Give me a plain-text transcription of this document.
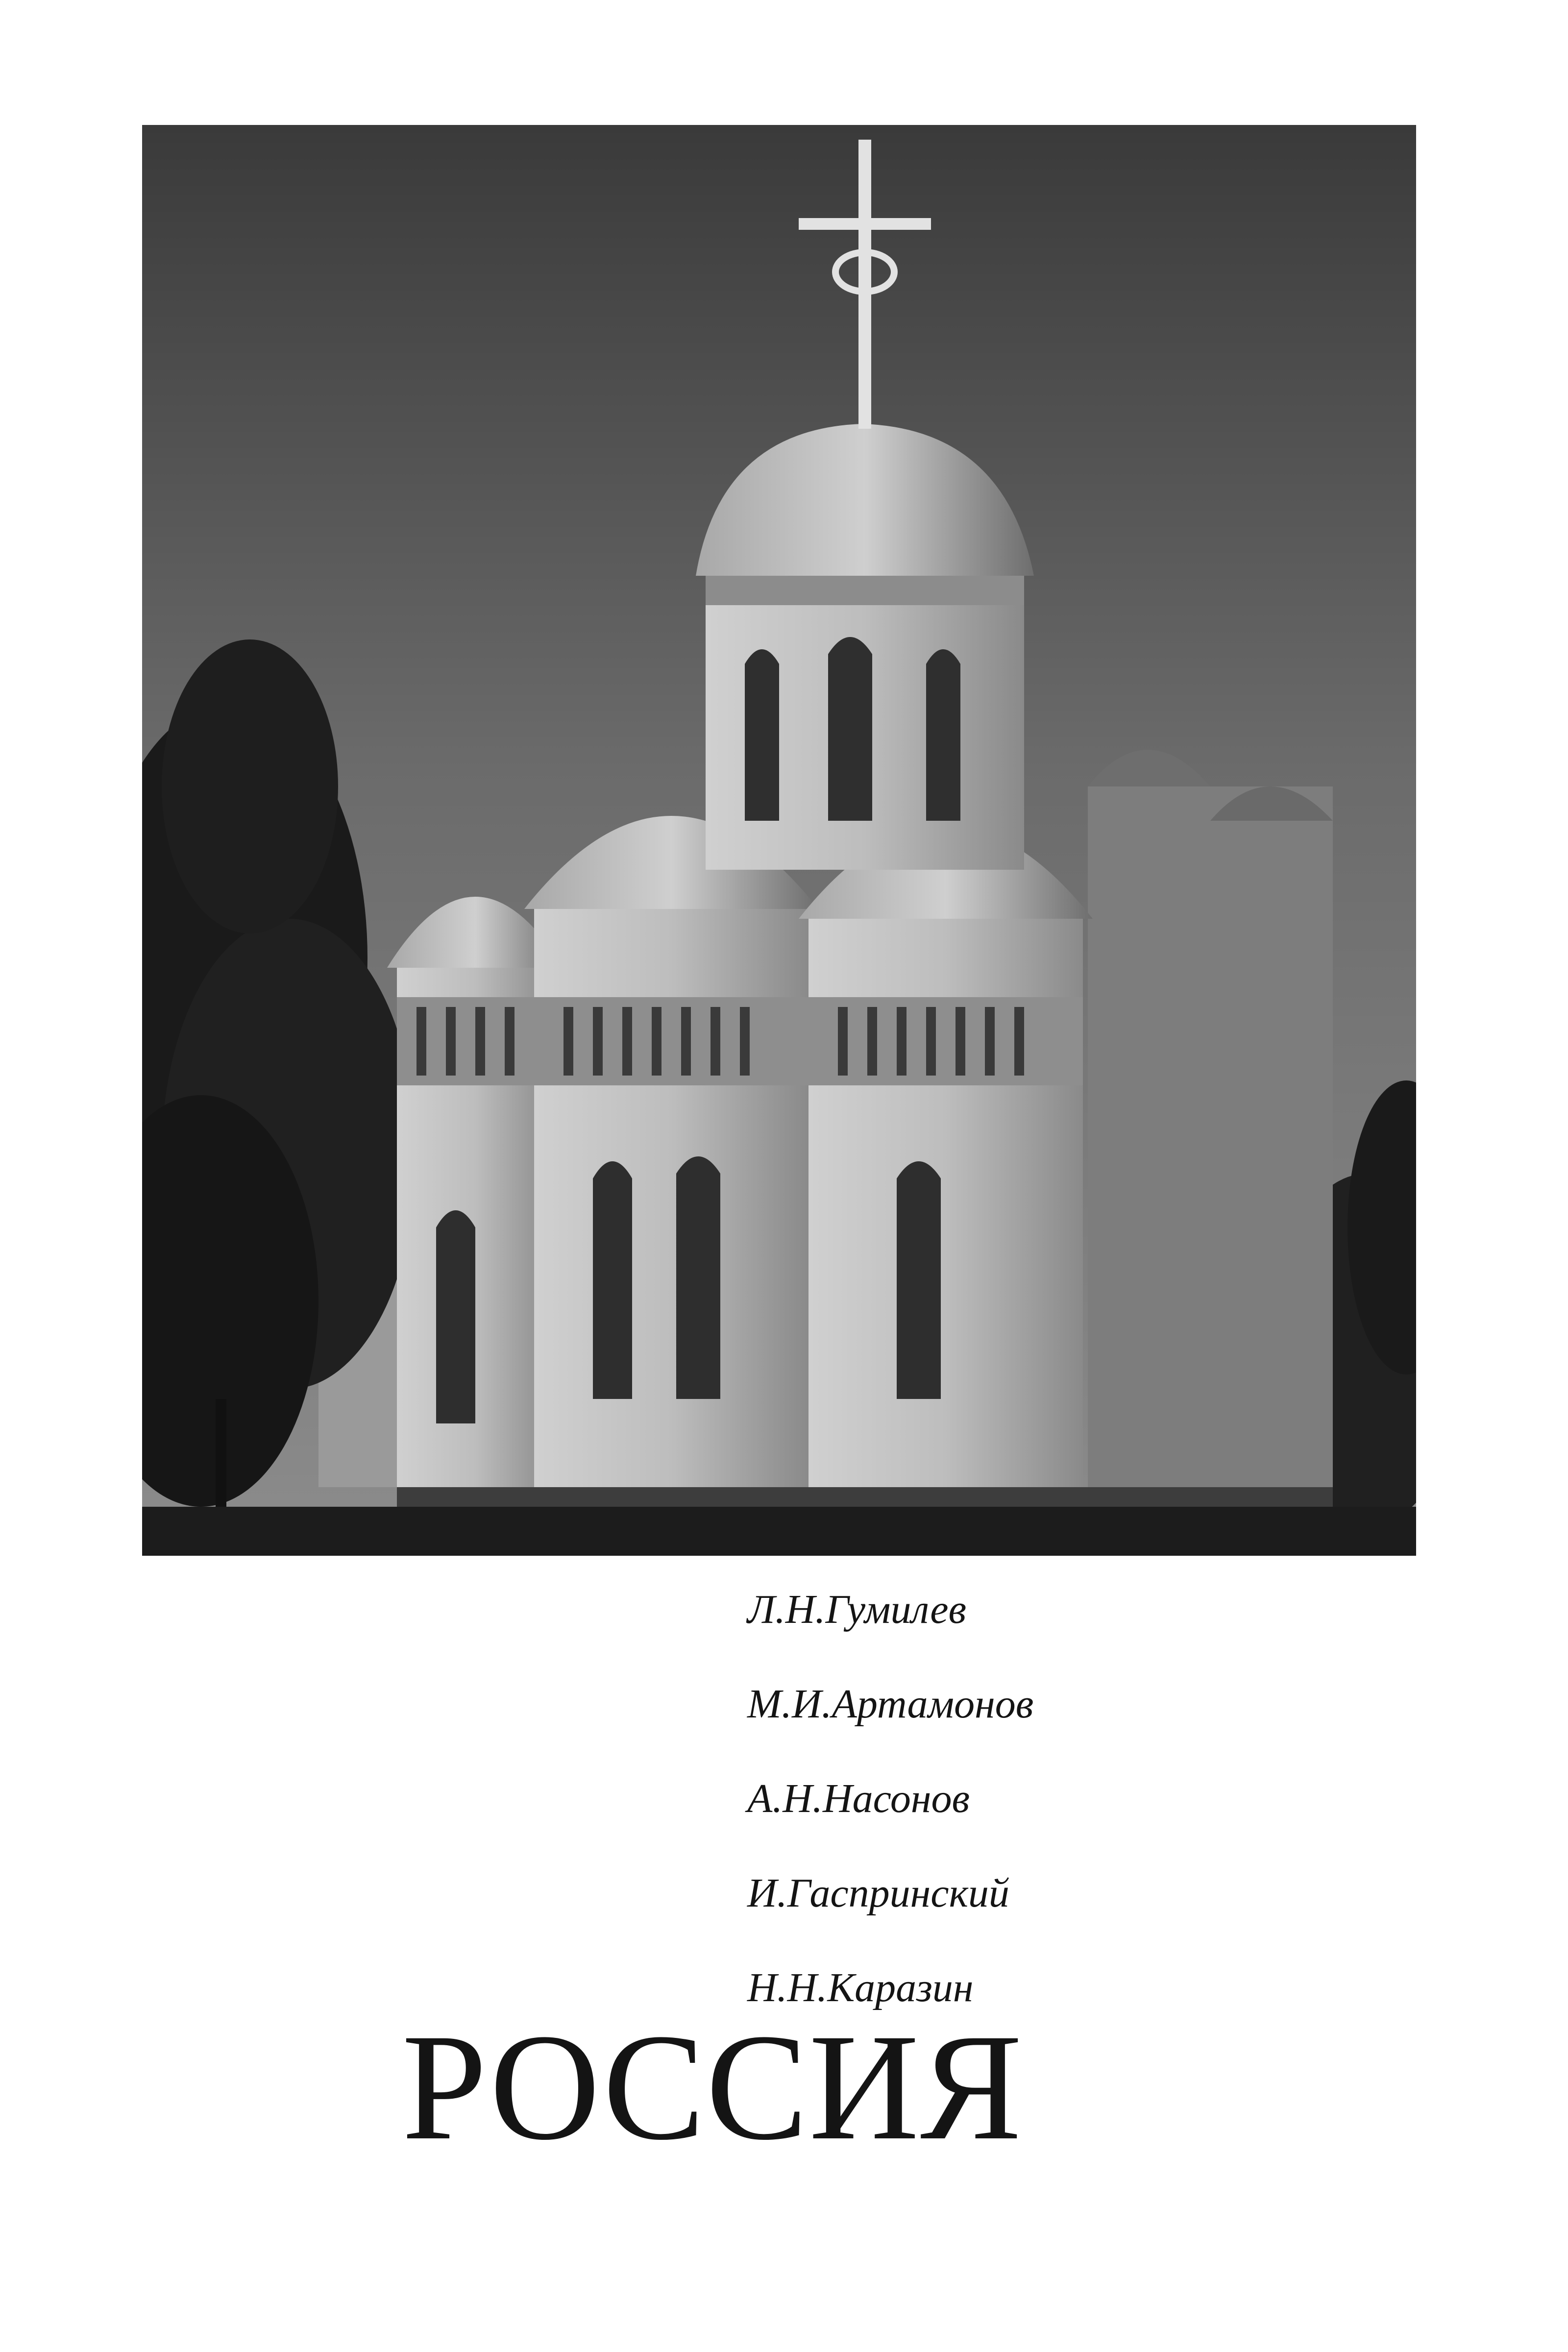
Л.Н.Гумилев
М.И.Артамонов
А.Н.Насонов
И.Гаспринский
Н.Н.Каразин
РОССИЯ
